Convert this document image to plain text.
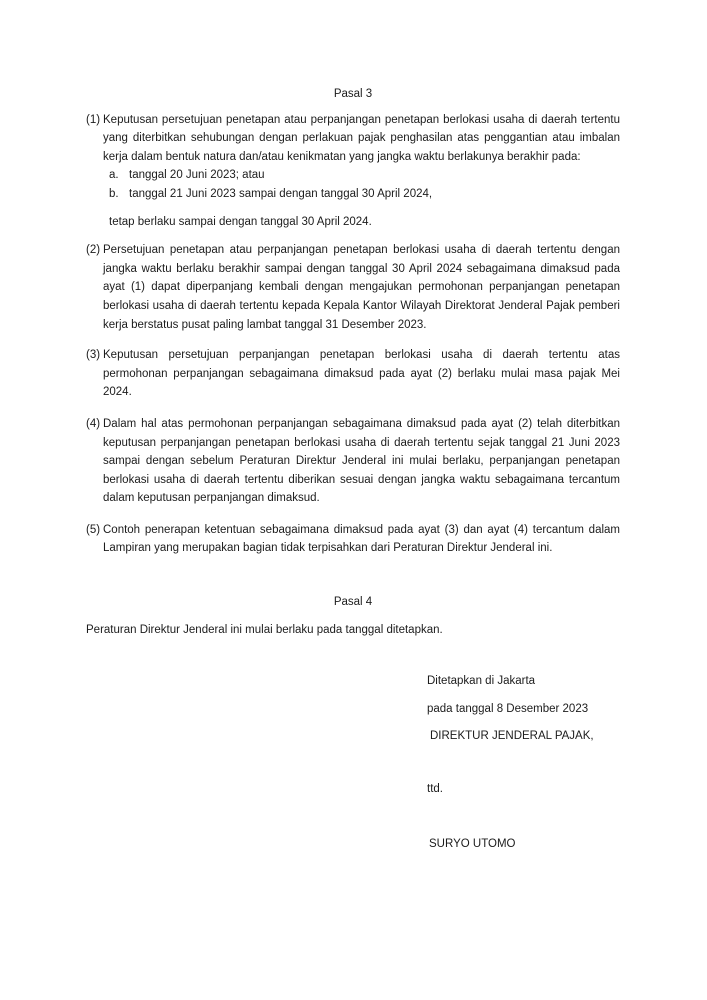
Pasal 3
(1) Keputusan persetujuan penetapan atau perpanjangan penetapan berlokasi usaha di daerah tertentu yang diterbitkan sehubungan dengan perlakuan pajak penghasilan atas penggantian atau imbalan kerja dalam bentuk natura dan/atau kenikmatan yang jangka waktu berlakunya berakhir pada:

a. tanggal 20 Juni 2023; atau
b. tanggal 21 Juni 2023 sampai dengan tanggal 30 April 2024,

tetap berlaku sampai dengan tanggal 30 April 2024.

(2) Persetujuan penetapan atau perpanjangan penetapan berlokasi usaha di daerah tertentu dengan jangka waktu berlaku berakhir sampai dengan tanggal 30 April 2024 sebagaimana dimaksud pada ayat (1) dapat diperpanjang kembali dengan mengajukan permohonan perpanjangan penetapan berlokasi usaha di daerah tertentu kepada Kepala Kantor Wilayah Direktorat Jenderal Pajak pemberi kerja berstatus pusat paling lambat tanggal 31 Desember 2023.

(3) Keputusan persetujuan perpanjangan penetapan berlokasi usaha di daerah tertentu atas permohonan perpanjangan sebagaimana dimaksud pada ayat (2) berlaku mulai masa pajak Mei 2024.

(4) Dalam hal atas permohonan perpanjangan sebagaimana dimaksud pada ayat (2) telah diterbitkan keputusan perpanjangan penetapan berlokasi usaha di daerah tertentu sejak tanggal 21 Juni 2023 sampai dengan sebelum Peraturan Direktur Jenderal ini mulai berlaku, perpanjangan penetapan berlokasi usaha di daerah tertentu diberikan sesuai dengan jangka waktu sebagaimana tercantum dalam keputusan perpanjangan dimaksud.

(5) Contoh penerapan ketentuan sebagaimana dimaksud pada ayat (3) dan ayat (4) tercantum dalam Lampiran yang merupakan bagian tidak terpisahkan dari Peraturan Direktur Jenderal ini.

Pasal 4

Peraturan Direktur Jenderal ini mulai berlaku pada tanggal ditetapkan.

Ditetapkan di Jakarta
pada tanggal 8 Desember 2023
DIREKTUR JENDERAL PAJAK,
ttd.
SURYO UTOMO
